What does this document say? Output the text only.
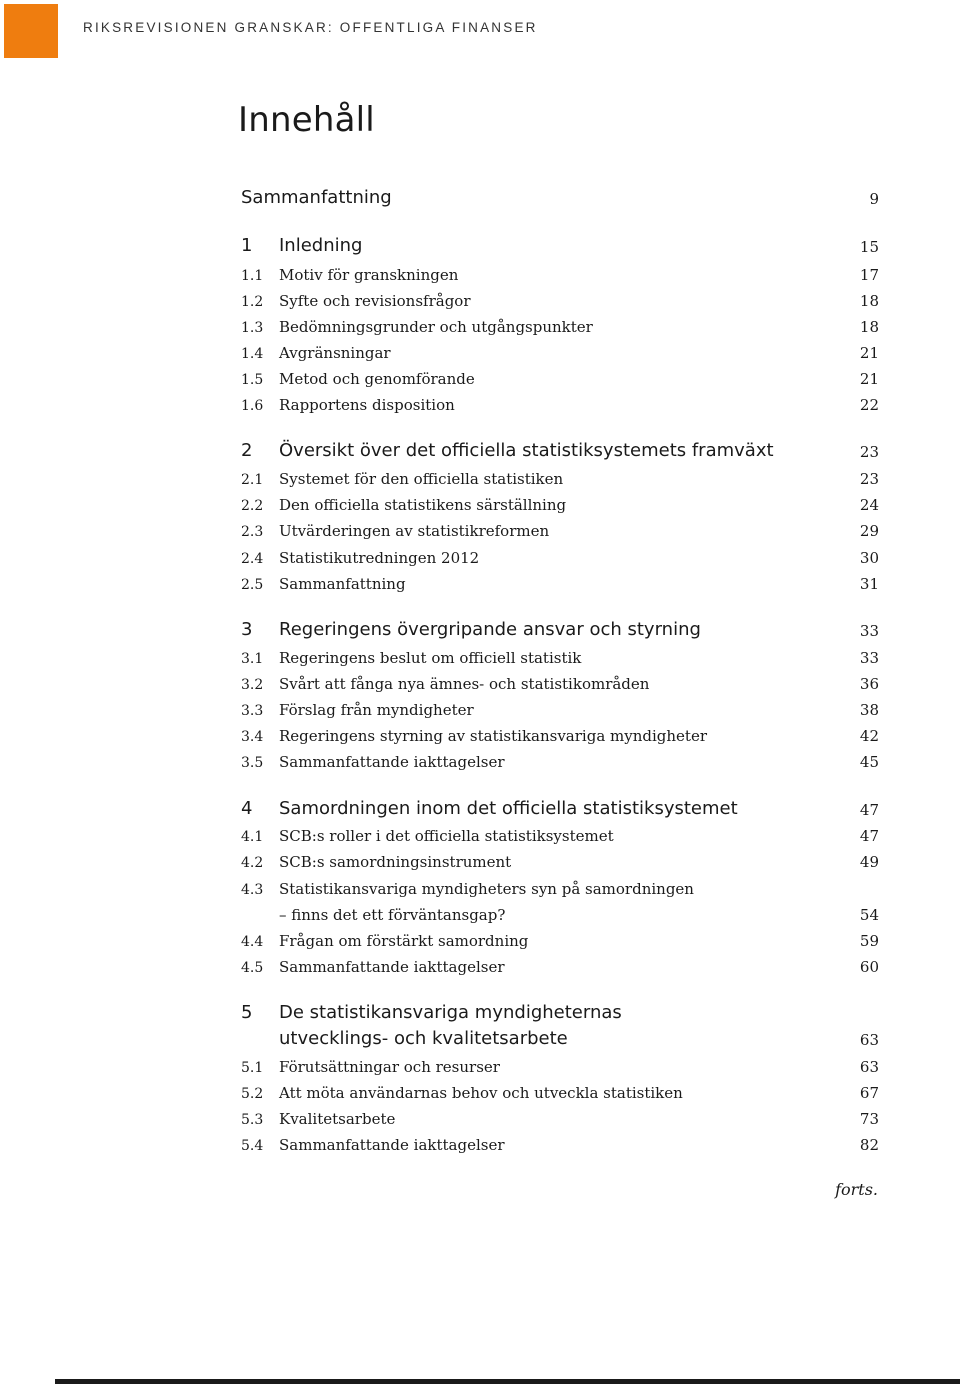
RIKSREVISIONEN GRANSKAR: OFFENTLIGA FINANSER
Innehåll
Sammanfattning	9
1 Inledning	15
1.1 Motiv för granskningen	17
1.2 Syfte och revisionsfrågor	18
1.3 Bedömningsgrunder och utgångspunkter	18
1.4 Avgränsningar	21
1.5 Metod och genomförande	21
1.6 Rapportens disposition	22
2 Översikt över det officiella statistiksystemets framväxt	23
2.1 Systemet för den officiella statistiken	23
2.2 Den officiella statistikens särställning	24
2.3 Utvärderingen av statistikreformen	29
2.4 Statistikutredningen 2012	30
2.5 Sammanfattning	31
3 Regeringens övergripande ansvar och styrning	33
3.1 Regeringens beslut om officiell statistik	33
3.2 Svårt att fånga nya ämnes- och statistikområden	36
3.3 Förslag från myndigheter	38
3.4 Regeringens styrning av statistikansvariga myndigheter	42
3.5 Sammanfattande iakttagelser	45
4 Samordningen inom det officiella statistiksystemet	47
4.1 SCB:s roller i det officiella statistiksystemet	47
4.2 SCB:s samordningsinstrument	49
4.3 Statistikansvariga myndigheters syn på samordningen
– finns det ett förväntansgap?	54
4.4 Frågan om förstärkt samordning	59
4.5 Sammanfattande iakttagelser	60
5 De statistikansvariga myndigheternas
utvecklings- och kvalitetsarbete	63
5.1 Förutsättningar och resurser	63
5.2 Att möta användarnas behov och utveckla statistiken	67
5.3 Kvalitetsarbete	73
5.4 Sammanfattande iakttagelser	82
forts.
